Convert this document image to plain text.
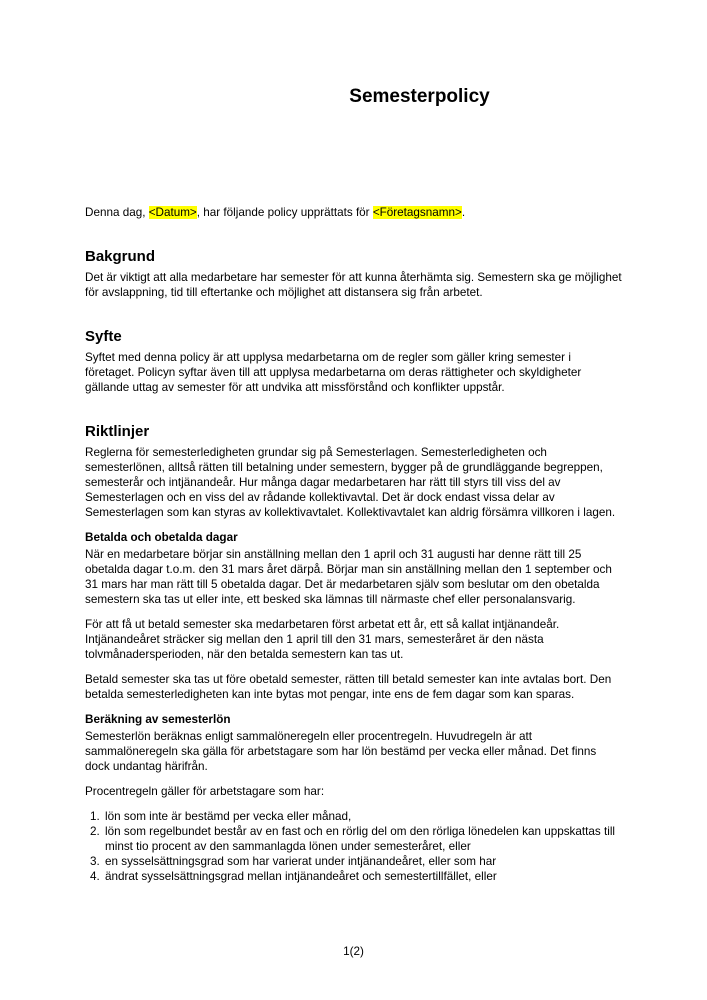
Semesterpolicy

Denna dag, <Datum>, har följande policy upprättats för <Företagsnamn>.

Bakgrund

Det är viktigt att alla medarbetare har semester för att kunna återhämta sig. Semestern ska ge möjlighet för avslappning, tid till eftertanke och möjlighet att distansera sig från arbetet.

Syfte

Syftet med denna policy är att upplysa medarbetarna om de regler som gäller kring semester i företaget. Policyn syftar även till att upplysa medarbetarna om deras rättigheter och skyldigheter gällande uttag av semester för att undvika att missförstånd och konflikter uppstår.

Riktlinjer

Reglerna för semesterledigheten grundar sig på Semesterlagen. Semesterledigheten och semesterlönen, alltså rätten till betalning under semestern, bygger på de grundläggande begreppen, semesterår och intjänandeår. Hur många dagar medarbetaren har rätt till styrs till viss del av Semesterlagen och en viss del av rådande kollektivavtal. Det är dock endast vissa delar av Semesterlagen som kan styras av kollektivavtalet. Kollektivavtalet kan aldrig försämra villkoren i lagen.

Betalda och obetalda dagar

När en medarbetare börjar sin anställning mellan den 1 april och 31 augusti har denne rätt till 25 obetalda dagar t.o.m. den 31 mars året därpå. Börjar man sin anställning mellan den 1 september och 31 mars har man rätt till 5 obetalda dagar. Det är medarbetaren själv som beslutar om den obetalda semestern ska tas ut eller inte, ett besked ska lämnas till närmaste chef eller personalansvarig.

För att få ut betald semester ska medarbetaren först arbetat ett år, ett så kallat intjänandeår. Intjänandeåret sträcker sig mellan den 1 april till den 31 mars, semesteråret är den nästa tolvmånadersperioden, när den betalda semestern kan tas ut.

Betald semester ska tas ut före obetald semester, rätten till betald semester kan inte avtalas bort. Den betalda semesterledigheten kan inte bytas mot pengar, inte ens de fem dagar som kan sparas.

Beräkning av semesterlön

Semesterlön beräknas enligt sammalöneregeln eller procentregeln. Huvudregeln är att sammalöneregeln ska gälla för arbetstagare som har lön bestämd per vecka eller månad. Det finns dock undantag härifrån.

Procentregeln gäller för arbetstagare som har:

1. lön som inte är bestämd per vecka eller månad,
2. lön som regelbundet består av en fast och en rörlig del om den rörliga lönedelen kan uppskattas till minst tio procent av den sammanlagda lönen under semesteråret, eller
3. en sysselsättningsgrad som har varierat under intjänandeåret, eller som har
4. ändrat sysselsättningsgrad mellan intjänandeåret och semestertillfället, eller
1(2)
